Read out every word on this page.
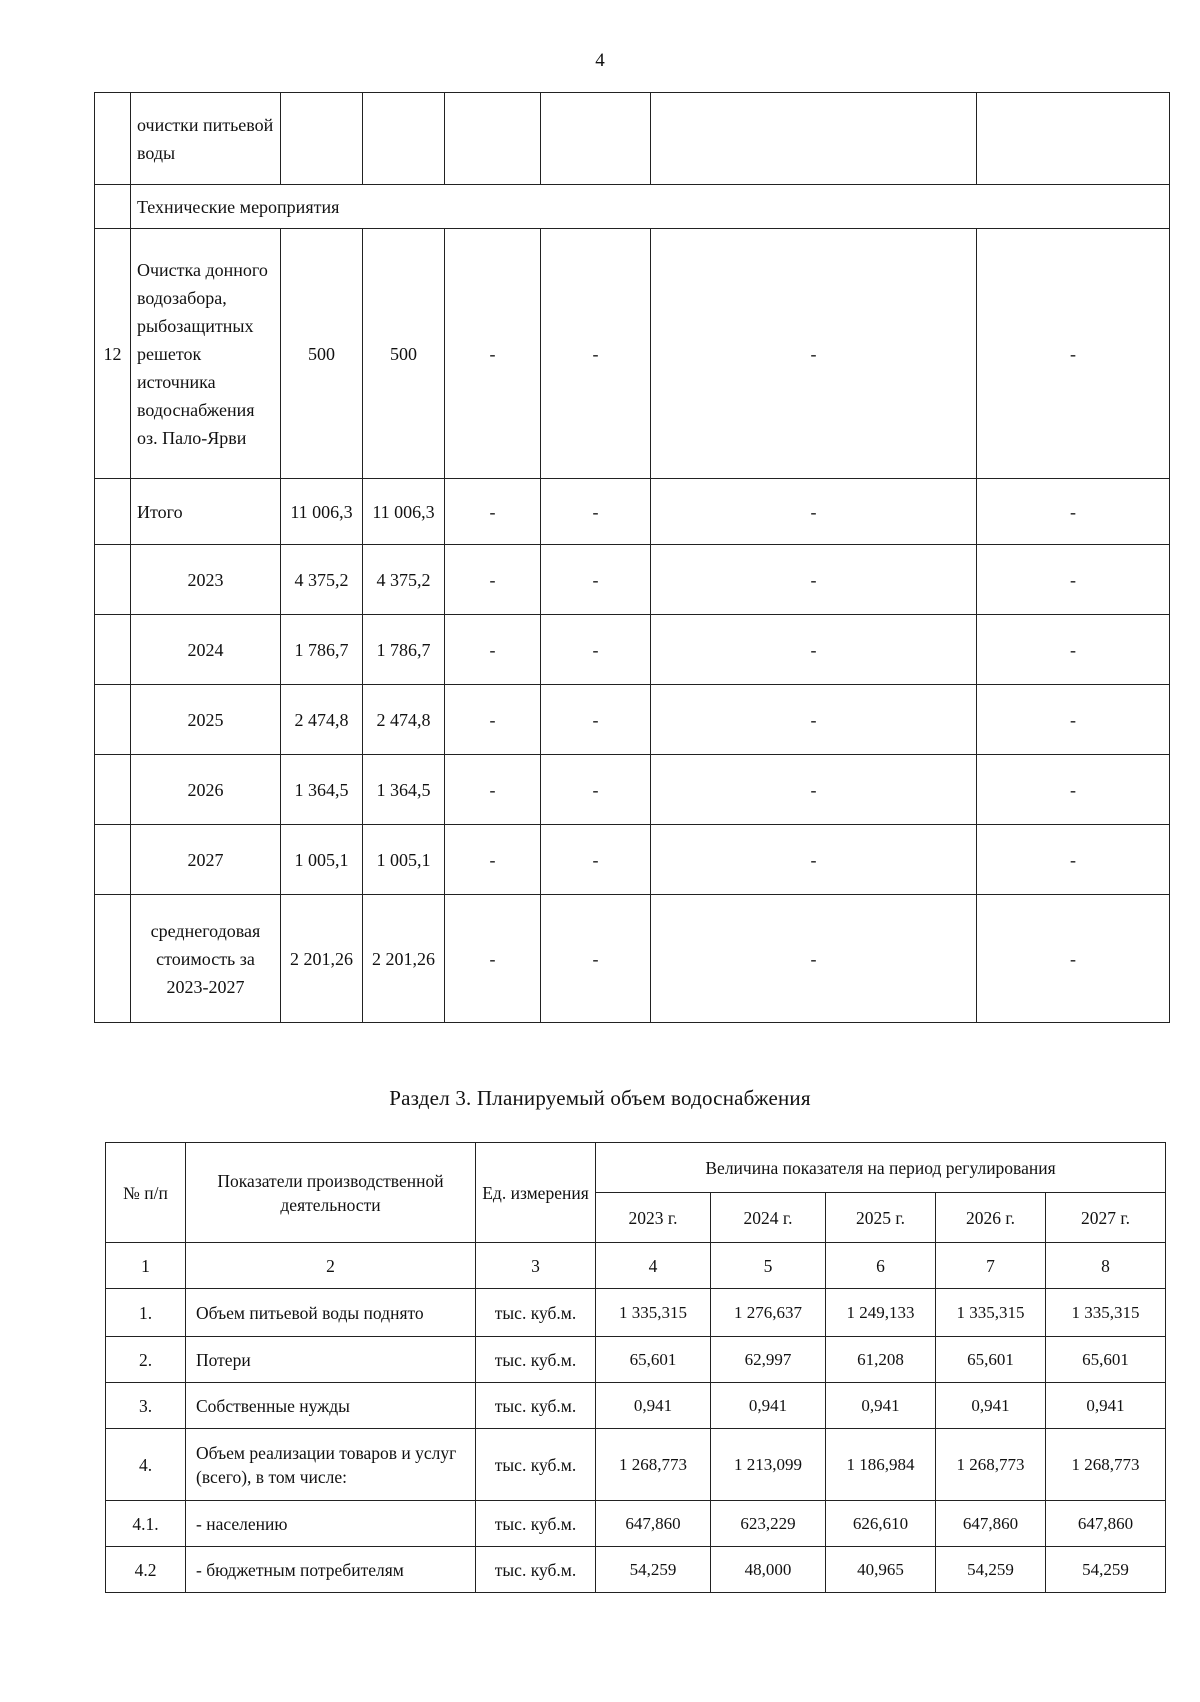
4
	очистки питьевой воды						
	Технические мероприятия						
12	Очистка донного водозабора, рыбозащитных решеток источника водоснабжения оз. Пало-Ярви	500	500	-	-	-	-
	Итого	11 006,3	11 006,3	-	-	-	-
	2023	4 375,2	4 375,2	-	-	-	-
	2024	1 786,7	1 786,7	-	-	-	-
	2025	2 474,8	2 474,8	-	-	-	-
	2026	1 364,5	1 364,5	-	-	-	-
	2027	1 005,1	1 005,1	-	-	-	-
	среднегодовая стоимость за 2023-2027	2 201,26	2 201,26	-	-	-	-
Раздел 3. Планируемый объем водоснабжения
№ п/п	Показатели производственной деятельности	Ед. измерения	Величина показателя на период регулирования				
			2023 г.	2024 г.	2025 г.	2026 г.	2027 г.
1	2	3	4	5	6	7	8
1.	Объем питьевой воды поднято	тыс. куб.м.	1 335,315	1 276,637	1 249,133	1 335,315	1 335,315
2.	Потери	тыс. куб.м.	65,601	62,997	61,208	65,601	65,601
3.	Собственные нужды	тыс. куб.м.	0,941	0,941	0,941	0,941	0,941
4.	Объем реализации товаров и услуг (всего), в том числе:	тыс. куб.м.	1 268,773	1 213,099	1 186,984	1 268,773	1 268,773
4.1.	- населению	тыс. куб.м.	647,860	623,229	626,610	647,860	647,860
4.2	- бюджетным потребителям	тыс. куб.м.	54,259	48,000	40,965	54,259	54,259
